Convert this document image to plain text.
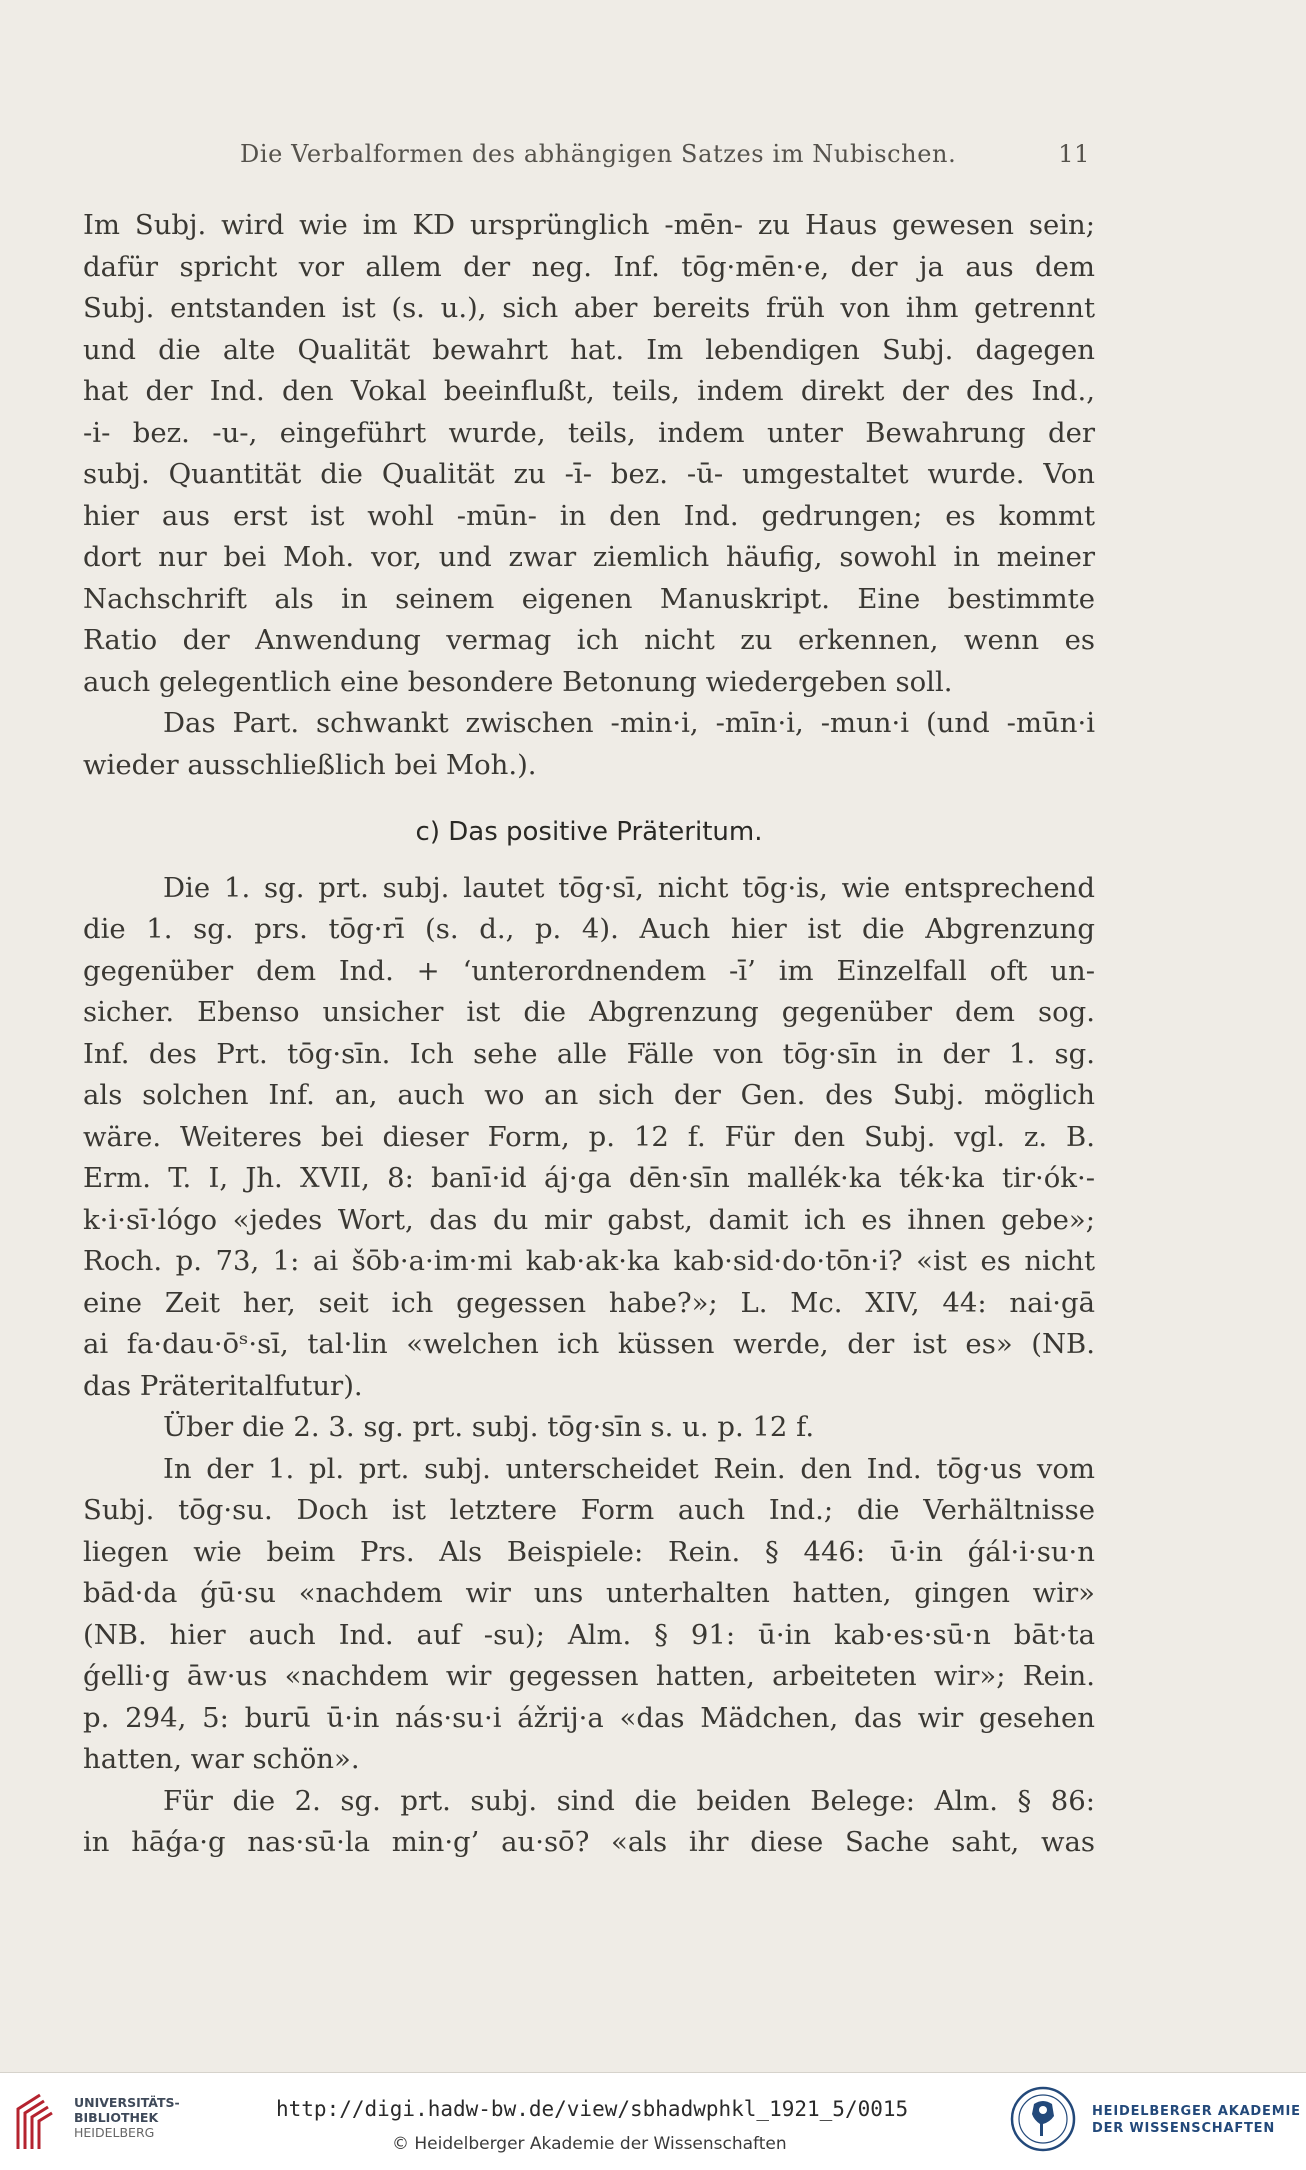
Die Verbalformen des abhängigen Satzes im Nubischen.	11
Im Subj. wird wie im KD ursprünglich -mēn- zu Haus gewesen sein;
dafür spricht vor allem der neg. Inf. tōg·mēn·e, der ja aus dem
Subj. entstanden ist (s. u.), sich aber bereits früh von ihm getrennt
und die alte Qualität bewahrt hat. Im lebendigen Subj. dagegen
hat der Ind. den Vokal beeinflußt, teils, indem direkt der des Ind.,
-i- bez. -u-, eingeführt wurde, teils, indem unter Bewahrung der
subj. Quantität die Qualität zu -ī- bez. -ū- umgestaltet wurde. Von
hier aus erst ist wohl -mūn- in den Ind. gedrungen; es kommt
dort nur bei Moh. vor, und zwar ziemlich häufig, sowohl in meiner
Nachschrift als in seinem eigenen Manuskript. Eine bestimmte
Ratio der Anwendung vermag ich nicht zu erkennen, wenn es
auch gelegentlich eine besondere Betonung wiedergeben soll.
Das Part. schwankt zwischen -min·i, -mīn·i, -mun·i (und -mūn·i
wieder ausschließlich bei Moh.).
c) Das positive Präteritum.
Die 1. sg. prt. subj. lautet tōg·sī, nicht tōg·is, wie entsprechend
die 1. sg. prs. tōg·rī (s. d., p. 4). Auch hier ist die Abgrenzung
gegenüber dem Ind. + ‘unterordnendem -ī’ im Einzelfall oft un-
sicher. Ebenso unsicher ist die Abgrenzung gegenüber dem sog.
Inf. des Prt. tōg·sīn. Ich sehe alle Fälle von tōg·sīn in der 1. sg.
als solchen Inf. an, auch wo an sich der Gen. des Subj. möglich
wäre. Weiteres bei dieser Form, p. 12 f. Für den Subj. vgl. z. B.
Erm. T. I, Jh. XVII, 8: banī·id áj·ga dēn·sīn mallék·ka ték·ka tir·ók·-
k·i·sī·lógo «jedes Wort, das du mir gabst, damit ich es ihnen gebe»;
Roch. p. 73, 1: ai šōb·a·im·mi kab·ak·ka kab·sid·do·tōn·i? «ist es nicht
eine Zeit her, seit ich gegessen habe?»; L. Mc. XIV, 44: nai·gā
ai fa·dau·ōˢ·sī, tal·lin «welchen ich küssen werde, der ist es» (NB.
das Präteritalfutur).
Über die 2. 3. sg. prt. subj. tōg·sīn s. u. p. 12 f.
In der 1. pl. prt. subj. unterscheidet Rein. den Ind. tōg·us vom
Subj. tōg·su. Doch ist letztere Form auch Ind.; die Verhältnisse
liegen wie beim Prs. Als Beispiele: Rein. § 446: ū·in ǵál·i·su·n
bād·da ǵū·su «nachdem wir uns unterhalten hatten, gingen wir»
(NB. hier auch Ind. auf -su); Alm. § 91: ū·in kab·es·sū·n bāt·ta
ǵelli·g āw·us «nachdem wir gegessen hatten, arbeiteten wir»; Rein.
p. 294, 5: burū ū·in nás·su·i ážrij·a «das Mädchen, das wir gesehen
hatten, war schön».
Für die 2. sg. prt. subj. sind die beiden Belege: Alm. § 86:
in hāǵa·g nas·sū·la min·g’ au·sō? «als ihr diese Sache saht, was
UNIVERSITÄTS-
BIBLIOTHEK
HEIDELBERG
http://digi.hadw-bw.de/view/sbhadwphkl_1921_5/0015
© Heidelberger Akademie der Wissenschaften
HEIDELBERGER AKADEMIE
DER WISSENSCHAFTEN
